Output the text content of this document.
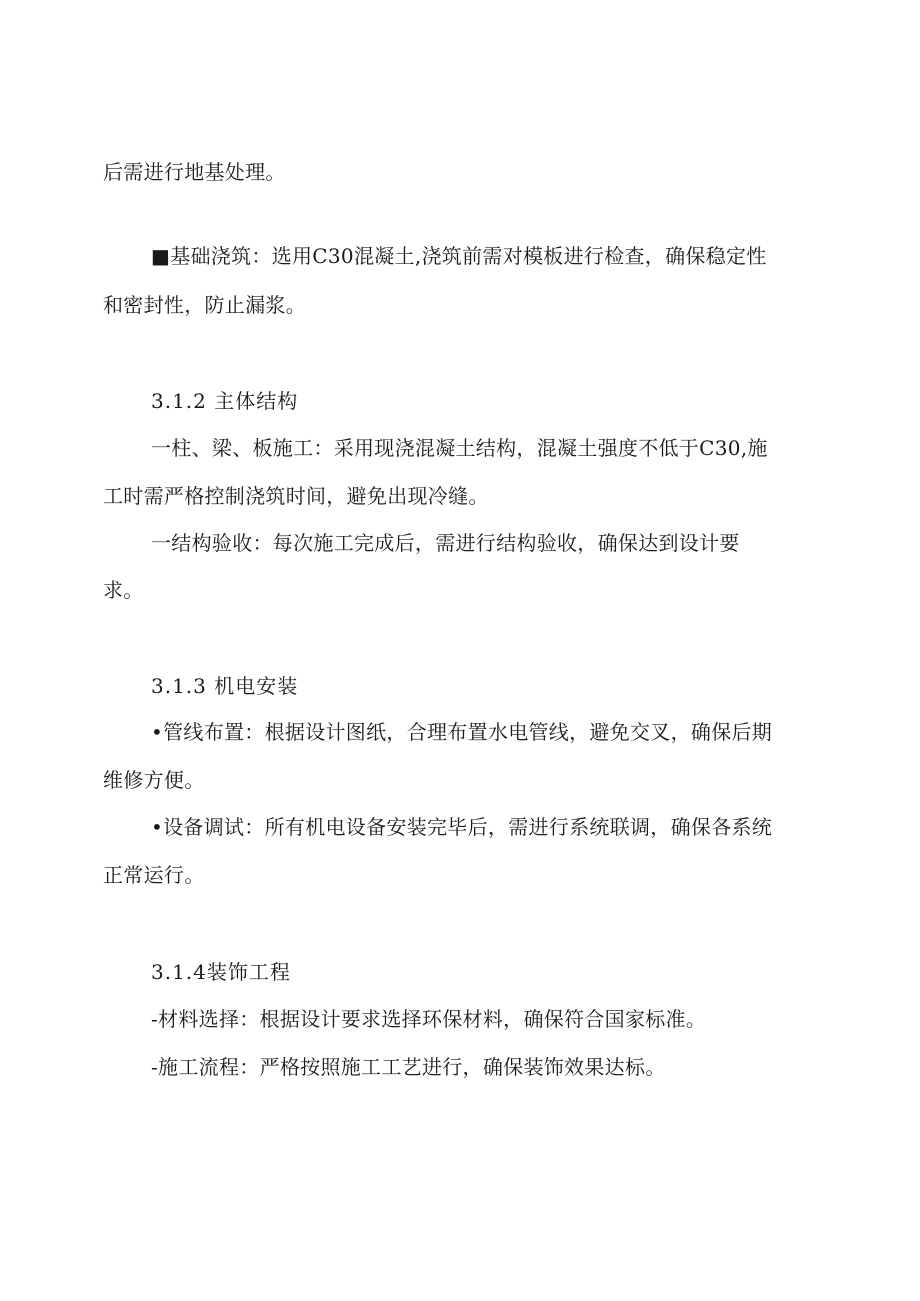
后需进行地基处理。
■基础浇筑：选用C30混凝土,浇筑前需对模板进行检查，确保稳定性
和密封性，防止漏浆。
3.1.2 主体结构
一柱、梁、板施工：采用现浇混凝土结构，混凝土强度不低于C30,施
工时需严格控制浇筑时间，避免出现冷缝。
一结构验收：每次施工完成后，需进行结构验收，确保达到设计要
求。
3.1.3 机电安装
•管线布置：根据设计图纸，合理布置水电管线，避免交叉，确保后期
维修方便。
•设备调试：所有机电设备安装完毕后，需进行系统联调，确保各系统
正常运行。
3.1.4装饰工程
-材料选择：根据设计要求选择环保材料，确保符合国家标准。
-施工流程：严格按照施工工艺进行，确保装饰效果达标。
